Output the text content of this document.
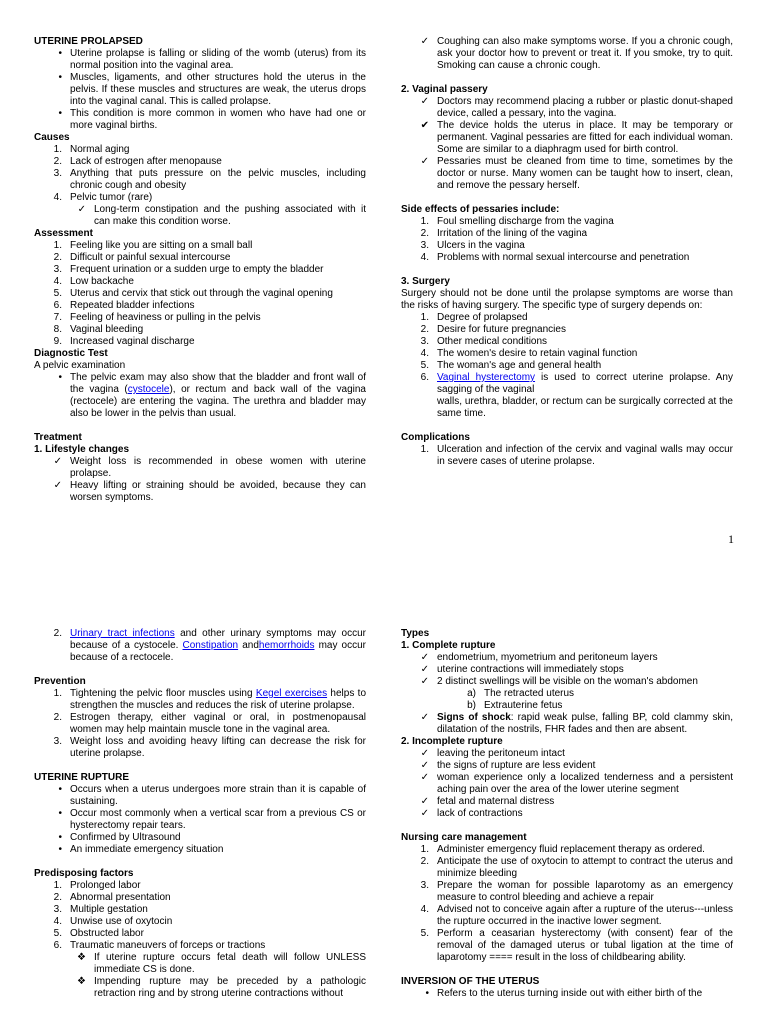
UTERINE PROLAPSED

• Uterine prolapse is falling or sliding of the womb (uterus) from its normal position into the vaginal area.
• Muscles, ligaments, and other structures hold the uterus in the pelvis. If these muscles and structures are weak, the uterus drops into the vaginal canal. This is called prolapse.
• This condition is more common in women who have had one or more vaginal births.

Causes

1. Normal aging
2. Lack of estrogen after menopause
3. Anything that puts pressure on the pelvic muscles, including chronic cough and obesity
4. Pelvic tumor (rare)
✓ Long-term constipation and the pushing associated with it can make this condition worse.

Assessment

1. Feeling like you are sitting on a small ball
2. Difficult or painful sexual intercourse
3. Frequent urination or a sudden urge to empty the bladder
4. Low backache
5. Uterus and cervix that stick out through the vaginal opening
6. Repeated bladder infections
7. Feeling of heaviness or pulling in the pelvis
8. Vaginal bleeding
9. Increased vaginal discharge

Diagnostic Test

A pelvic examination

• The pelvic exam may also show that the bladder and front wall of the vagina (cystocele), or rectum and back wall of the vagina (rectocele) are entering the vagina. The urethra and bladder may also be lower in the pelvis than usual.

Treatment

1. Lifestyle changes

✓ Weight loss is recommended in obese women with uterine prolapse.
✓ Heavy lifting or straining should be avoided, because they can worsen symptoms.
✓ Coughing can also make symptoms worse. If you a chronic cough, ask your doctor how to prevent or treat it. If you smoke, try to quit. Smoking can cause a chronic cough.

2. Vaginal passery

✓ Doctors may recommend placing a rubber or plastic donut-shaped device, called a pessary, into the vagina.
✔ The device holds the uterus in place. It may be temporary or permanent. Vaginal pessaries are fitted for each individual woman. Some are similar to a diaphragm used for birth control.
✓ Pessaries must be cleaned from time to time, sometimes by the doctor or nurse. Many women can be taught how to insert, clean, and remove the pessary herself.

Side effects of pessaries include:

1. Foul smelling discharge from the vagina
2. Irritation of the lining of the vagina
3. Ulcers in the vagina
4. Problems with normal sexual intercourse and penetration

3. Surgery

Surgery should not be done until the prolapse symptoms are worse than the risks of having surgery. The specific type of surgery depends on:

1. Degree of prolapsed
2. Desire for future pregnancies
3. Other medical conditions
4. The women's desire to retain vaginal function
5. The woman's age and general health
6. Vaginal hysterectomy is used to correct uterine prolapse. Any sagging of the vaginal
walls, urethra, bladder, or rectum can be surgically corrected at the same time.

Complications

1. Ulceration and infection of the cervix and vaginal walls may occur in severe cases of uterine prolapse.
1
2. Urinary tract infections and other urinary symptoms may occur because of a cystocele. Constipation andhemorrhoids may occur because of a rectocele.

Prevention

1. Tightening the pelvic floor muscles using Kegel exercises helps to strengthen the muscles and reduces the risk of uterine prolapse.
2. Estrogen therapy, either vaginal or oral, in postmenopausal women may help maintain muscle tone in the vaginal area.
3. Weight loss and avoiding heavy lifting can decrease the risk for uterine prolapse.

UTERINE RUPTURE

• Occurs when a uterus undergoes more strain than it is capable of sustaining.
• Occur most commonly when a vertical scar from a previous CS or hysterectomy repair tears.
• Confirmed by Ultrasound
• An immediate emergency situation

Predisposing factors

1. Prolonged labor
2. Abnormal presentation
3. Multiple gestation
4. Unwise use of oxytocin
5. Obstructed labor
6. Traumatic maneuvers of forceps or tractions
❖ If uterine rupture occurs fetal death will follow UNLESS immediate CS is done.
❖ Impending rupture may be preceded by a pathologic retraction ring and by strong uterine contractions without

Types

1. Complete rupture

✓ endometrium, myometrium and peritoneum layers
✓ uterine contractions will immediately stops
✓ 2 distinct swellings will be visible on the woman's abdomen
a) The retracted uterus
b) Extrauterine fetus
✓ Signs of shock: rapid weak pulse, falling BP, cold clammy skin, dilatation of the nostrils, FHR fades and then are absent.

2. Incomplete rupture

✓ leaving the peritoneum intact
✓ the signs of rupture are less evident
✓ woman experience only a localized tenderness and a persistent aching pain over the area of the lower uterine segment
✓ fetal and maternal distress
✓ lack of contractions

Nursing care management

1. Administer emergency fluid replacement therapy as ordered.
2. Anticipate the use of oxytocin to attempt to contract the uterus and minimize bleeding
3. Prepare the woman for possible laparotomy as an emergency measure to control bleeding and achieve a repair
4. Advised not to conceive again after a rupture of the uterus---unless the rupture occurred in the inactive lower segment.
5. Perform a ceasarian hysterectomy (with consent) fear of the removal of the damaged uterus or tubal ligation at the time of laparotomy ==== result in the loss of childbearing ability.

INVERSION OF THE UTERUS

• Refers to the uterus turning inside out with either birth of the
